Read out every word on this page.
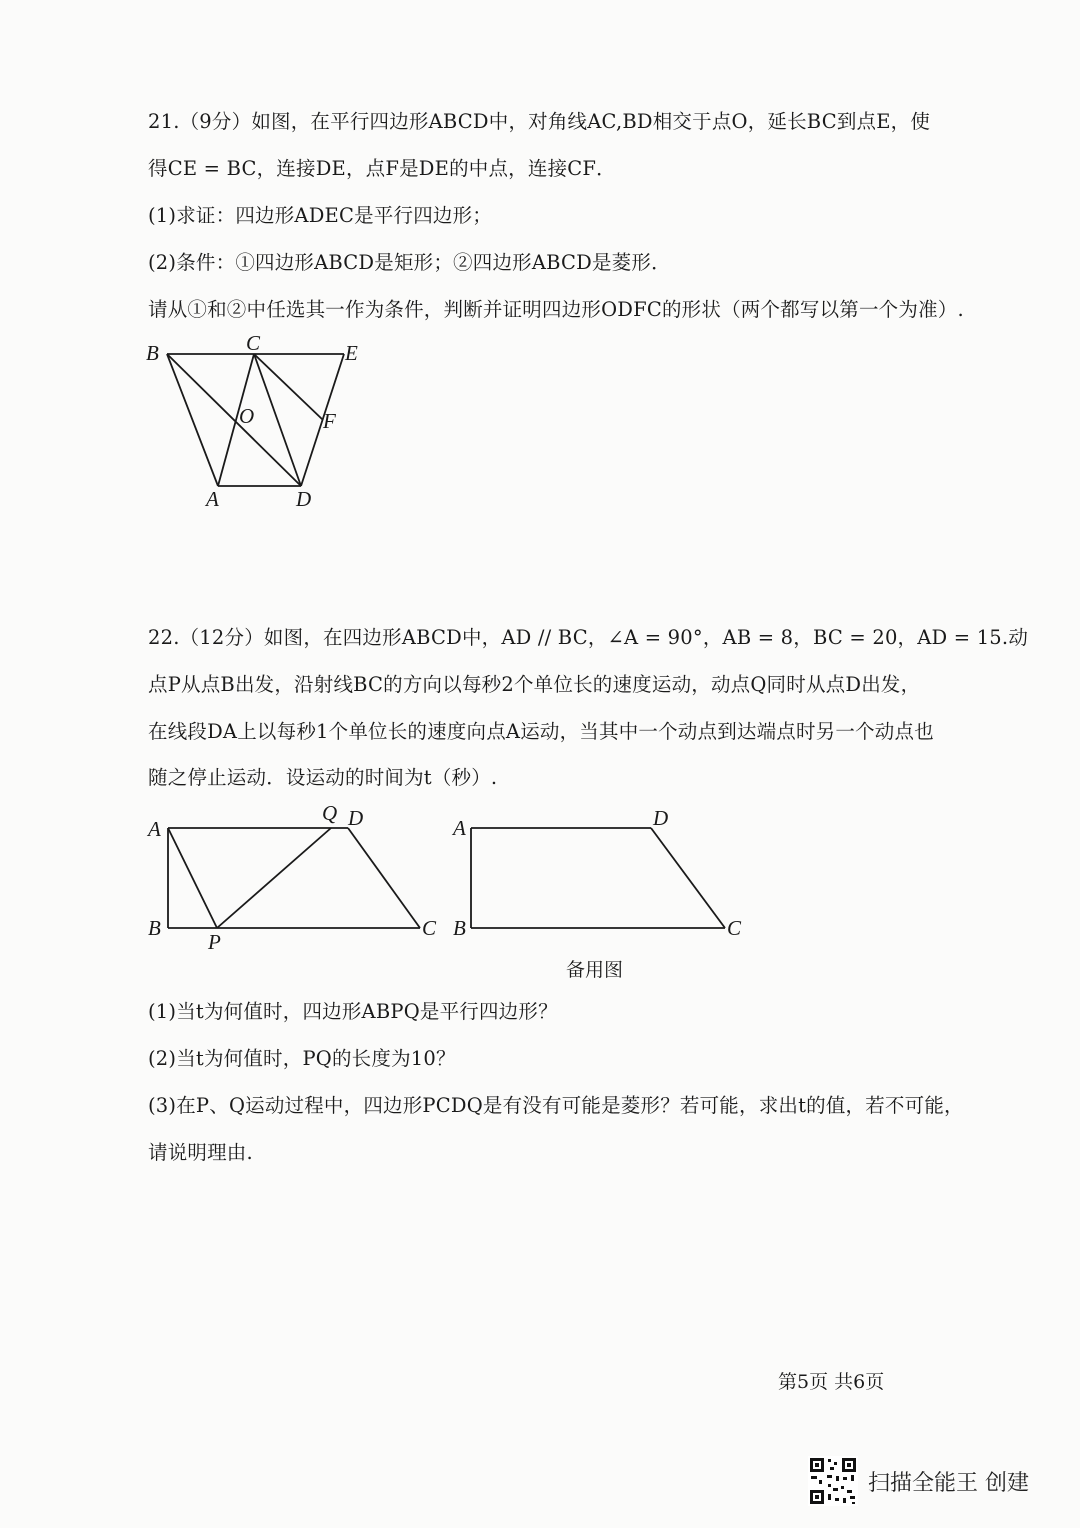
21.（9分）如图，在平行四边形ABCD中，对角线AC,BD相交于点O，延长BC到点E，使
得CE = BC，连接DE，点F是DE的中点，连接CF．
(1)求证：四边形ADEC是平行四边形；
(2)条件：①四边形ABCD是矩形；②四边形ABCD是菱形．
请从①和②中任选其一作为条件，判断并证明四边形ODFC的形状（两个都写以第一个为准）.
B	C	E
O	F
A	D
22.（12分）如图，在四边形ABCD中，AD // BC，∠A = 90°，AB = 8，BC = 20，AD = 15.动
点P从点B出发，沿射线BC的方向以每秒2个单位长的速度运动，动点Q同时从点D出发，
在线段DA上以每秒1个单位长的速度向点A运动，当其中一个动点到达端点时另一个动点也
随之停止运动．设运动的时间为t（秒）.
A
Q D
B
P
C
A	D
B	C
备用图
(1)当t为何值时，四边形ABPQ是平行四边形？
(2)当t为何值时，PQ的长度为10？
(3)在P、Q运动过程中，四边形PCDQ是有没有可能是菱形？若可能，求出t的值，若不可能，
请说明理由.
第5页 共6页
扫描全能王 创建
